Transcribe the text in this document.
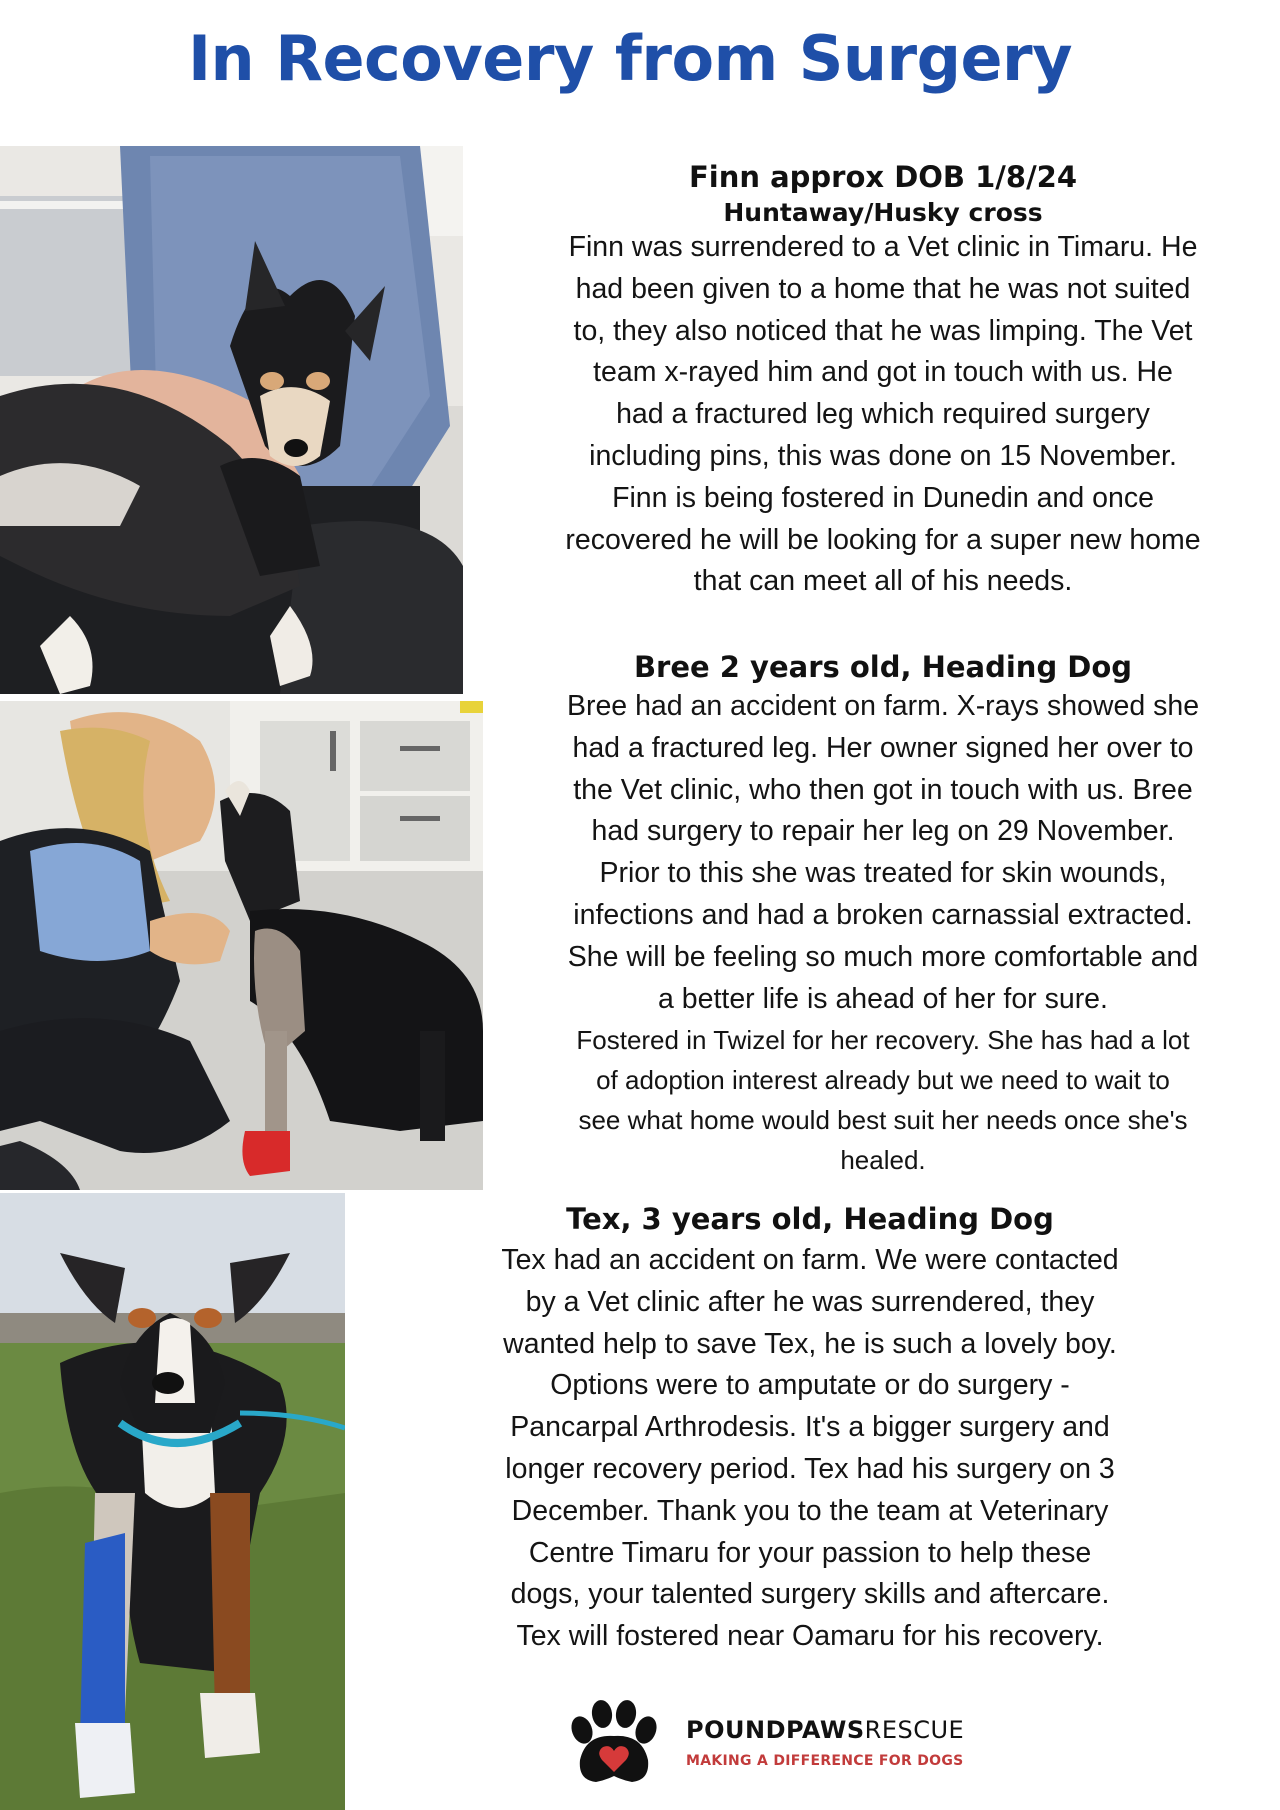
In Recovery from Surgery
Finn approx DOB 1/8/24
Huntaway/Husky cross
Finn was surrendered to a Vet clinic in Timaru. He
had been given to a home that he was not suited
to, they also noticed that he was limping. The Vet
team x-rayed him and got in touch with us. He
had a fractured leg which required surgery
including pins, this was done on 15 November.
Finn is being fostered in Dunedin and once
recovered he will be looking for a super new home
that can meet all of his needs.
Bree 2 years old, Heading Dog
Bree had an accident on farm. X-rays showed she
had a fractured leg. Her owner signed her over to
the Vet clinic, who then got in touch with us. Bree
had surgery to repair her leg on 29 November.
Prior to this she was treated for skin wounds,
infections and had a broken carnassial extracted.
She will be feeling so much more comfortable and
a better life is ahead of her for sure.
Fostered in Twizel for her recovery. She has had a lot
of adoption interest already but we need to wait to
see what home would best suit her needs once she's
healed.
Tex, 3 years old, Heading Dog
Tex had an accident on farm. We were contacted
by a Vet clinic after he was surrendered, they
wanted help to save Tex, he is such a lovely boy.
Options were to amputate or do surgery -
Pancarpal Arthrodesis. It's a bigger surgery and
longer recovery period. Tex had his surgery on 3
December. Thank you to the team at Veterinary
Centre Timaru for your passion to help these
dogs, your talented surgery skills and aftercare.
Tex will fostered near Oamaru for his recovery.
POUNDPAWSRESCUE
MAKING A DIFFERENCE FOR DOGS
